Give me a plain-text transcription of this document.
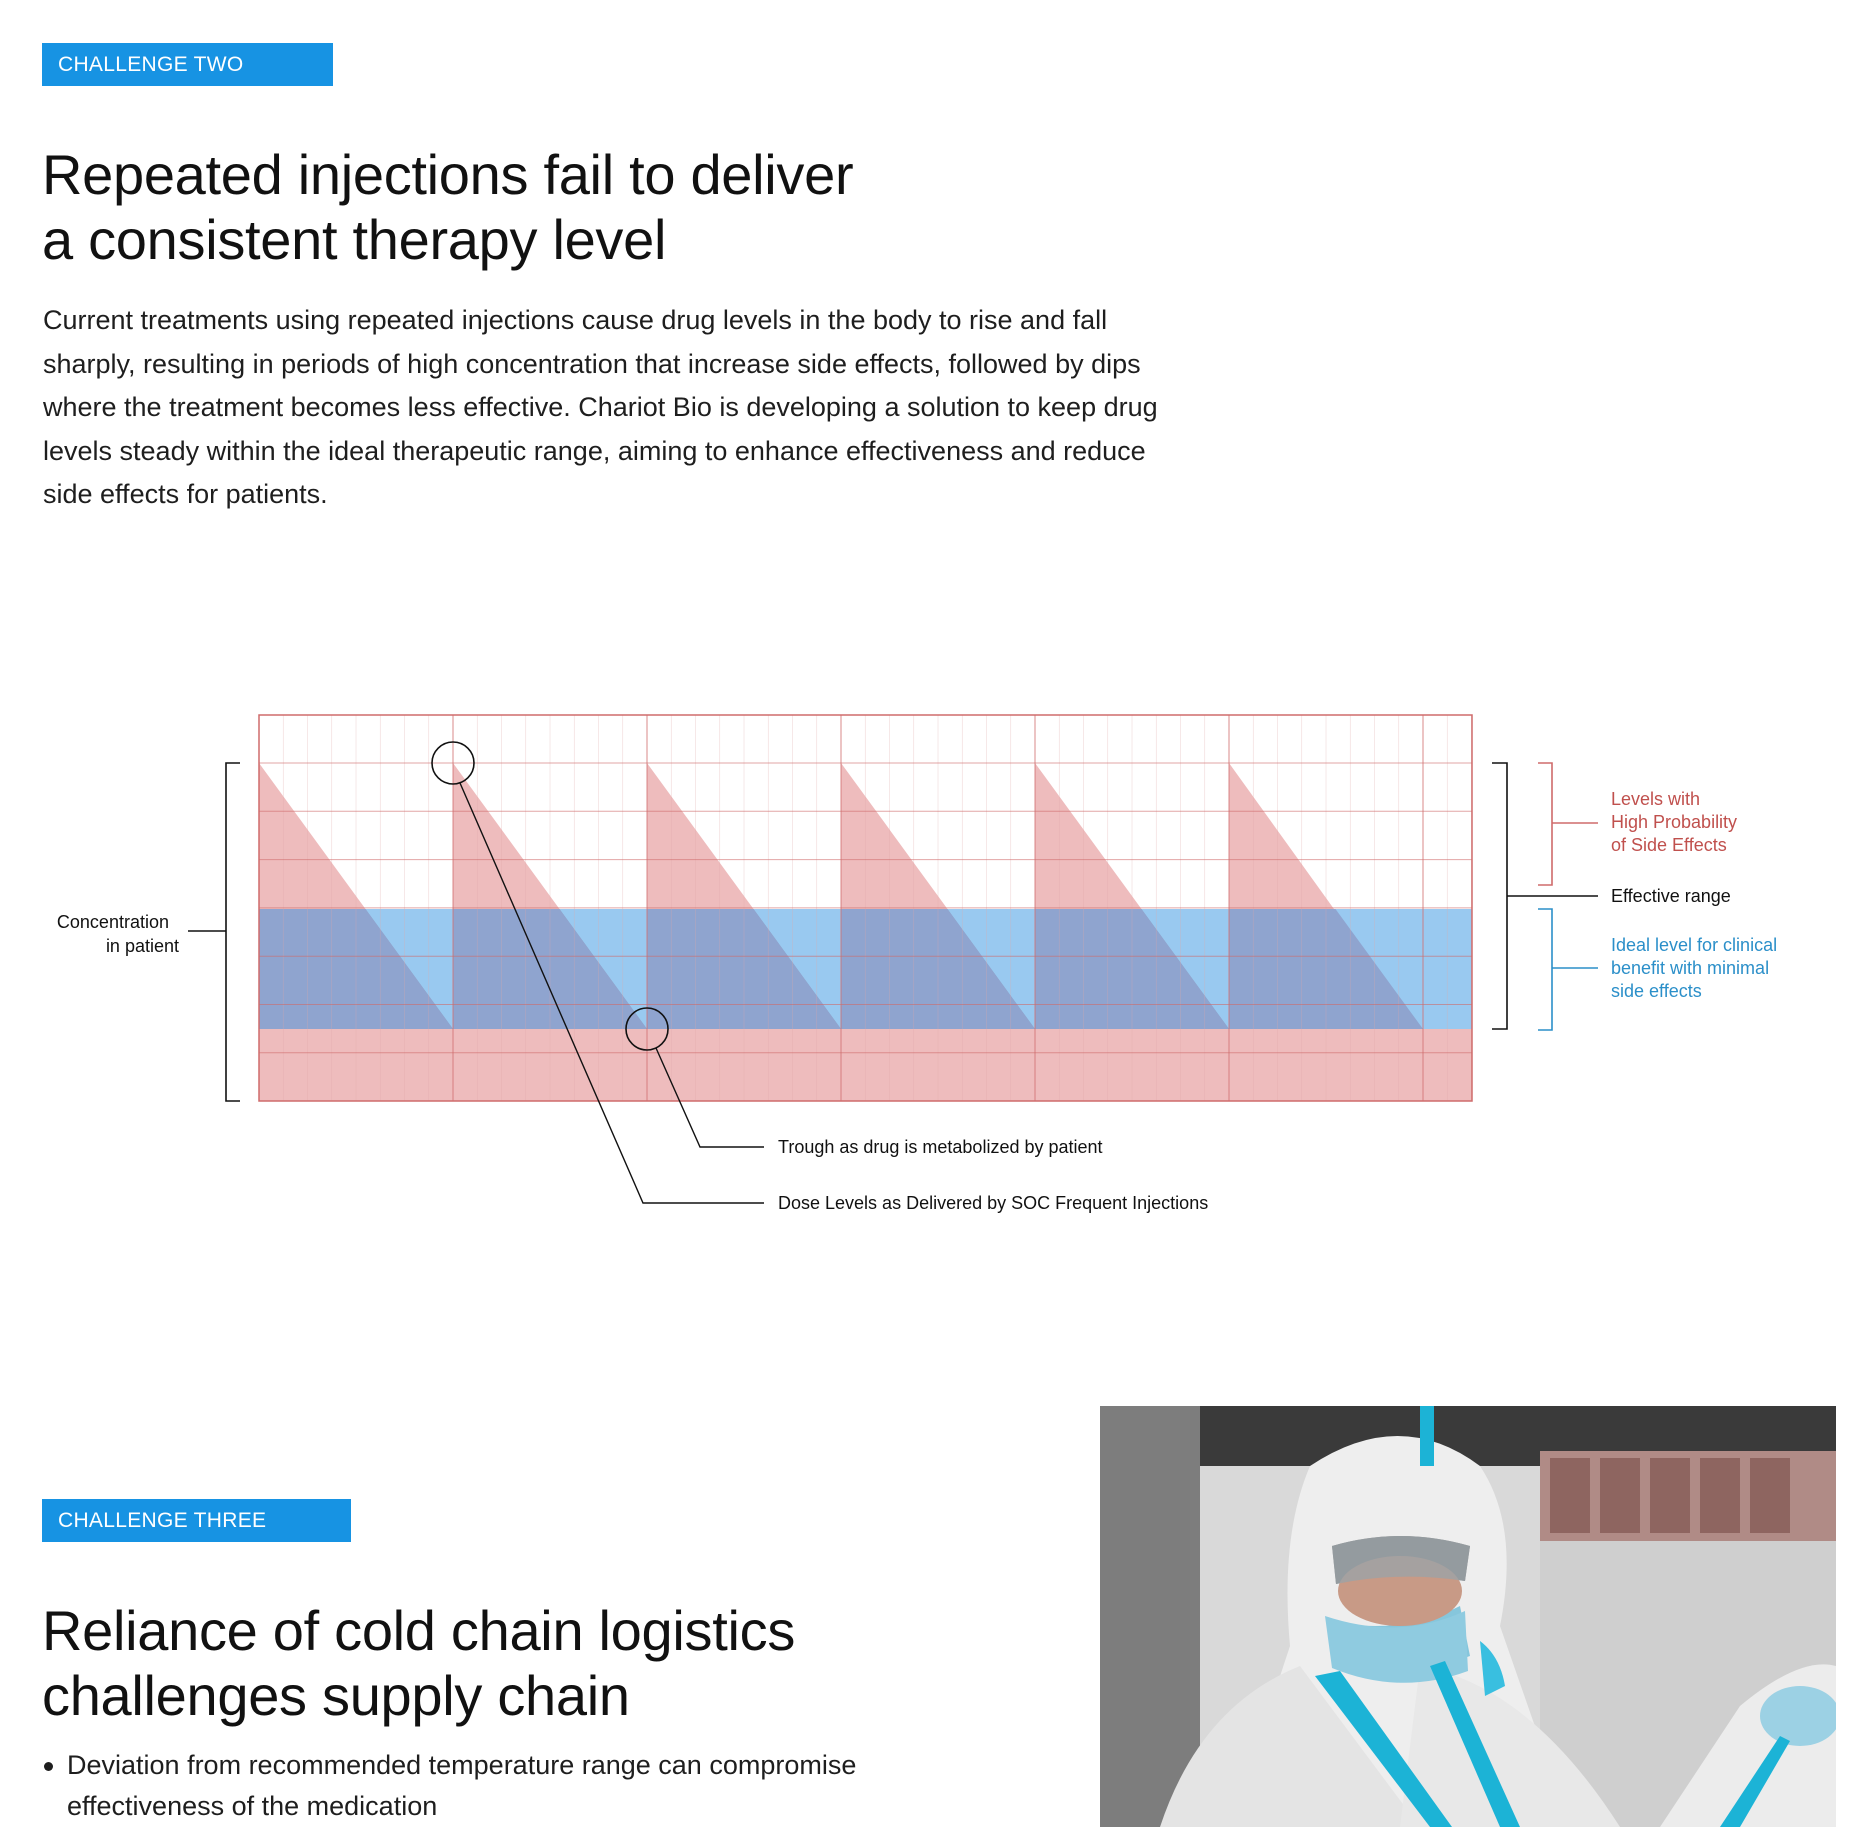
CHALLENGE TWO
Repeated injections fail to deliver
a consistent therapy level

Current treatments using repeated injections cause drug levels in the body to rise and fall
sharply, resulting in periods of high concentration that increase side effects, followed by dips
where the treatment becomes less effective. Chariot Bio is developing a solution to keep drug
levels steady within the ideal therapeutic range, aiming to enhance effectiveness and reduce
side effects for patients.

Concentration in patient
Effective range
Levels with High Probability of Side Effects
Ideal level for clinical benefit with minimal side effects
Dose Levels as Delivered by SOC Frequent Injections
Trough as drug is metabolized by patient
CHALLENGE THREE
Reliance of cold chain logistics
challenges supply chain
Deviation from recommended temperature range can compromise effectiveness of the medication
